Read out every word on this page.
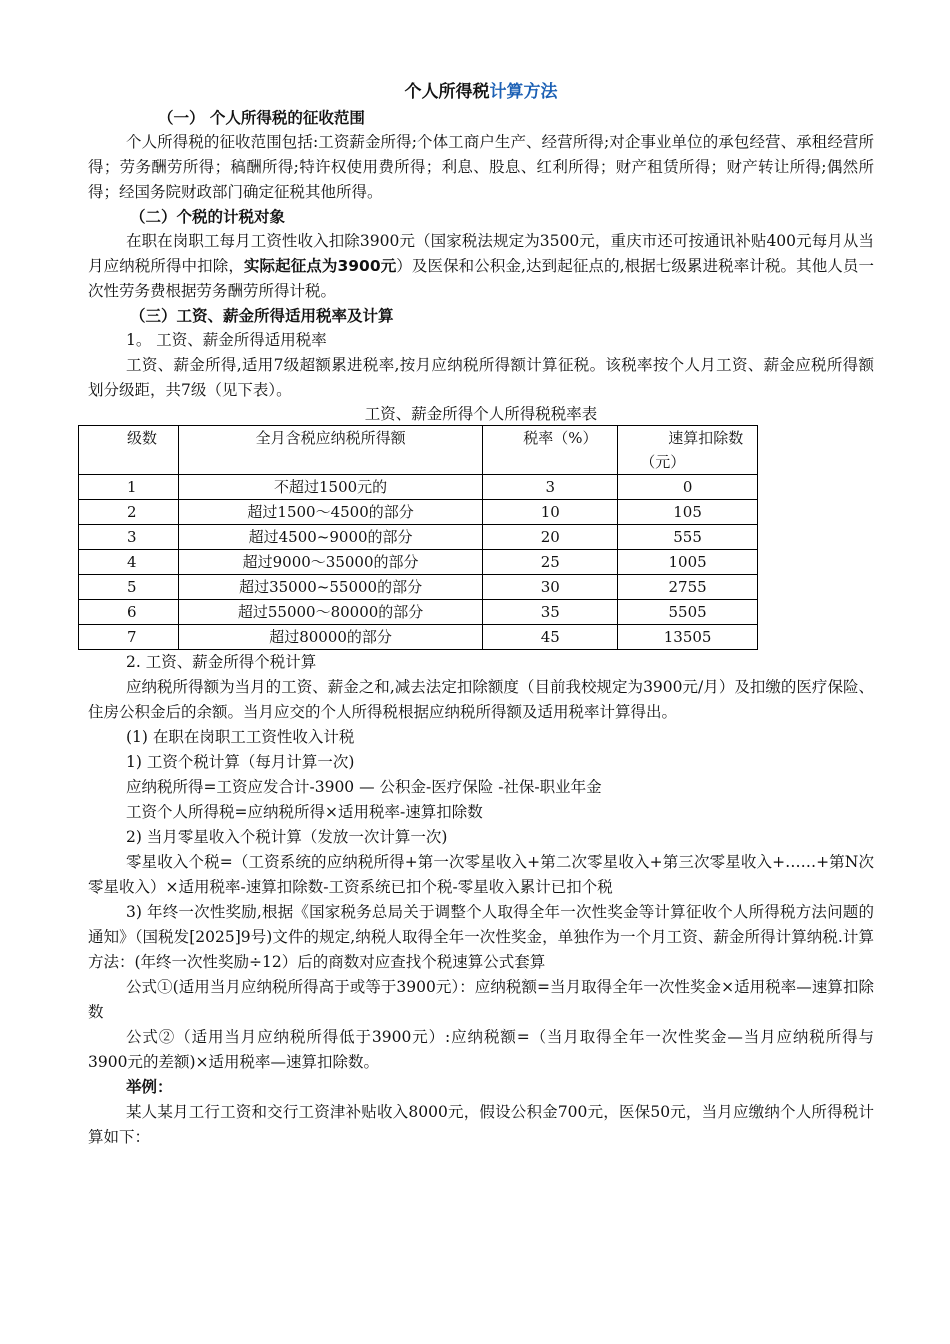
个人所得税计算方法
（一） 个人所得税的征收范围

个人所得税的征收范围包括:工资薪金所得;个体工商户生产、经营所得;对企事业单位的承包经营、承租经营所得；劳务酬劳所得；稿酬所得;特许权使用费所得；利息、股息、红利所得；财产租赁所得；财产转让所得;偶然所得；经国务院财政部门确定征税其他所得。

（二）个税的计税对象

在职在岗职工每月工资性收入扣除3900元（国家税法规定为3500元，重庆市还可按通讯补贴400元每月从当月应纳税所得中扣除，实际起征点为3900元）及医保和公积金,达到起征点的,根据七级累进税率计税。其他人员一次性劳务费根据劳务酬劳所得计税。

（三）工资、薪金所得适用税率及计算

1。 工资、薪金所得适用税率

工资、薪金所得,适用7级超额累进税率,按月应纳税所得额计算征税。该税率按个人月工资、薪金应税所得额划分级距，共7级（见下表）。

工资、薪金所得个人所得税税率表

级数	全月含税应纳税所得额	税率（%）	速算扣除数（元）
1	不超过1500元的	3	0
2	超过1500～4500的部分	10	105
3	超过4500~9000的部分	20	555
4	超过9000～35000的部分	25	1005
5	超过35000~55000的部分	30	2755
6	超过55000～80000的部分	35	5505
7	超过80000的部分	45	13505

2. 工资、薪金所得个税计算

应纳税所得额为当月的工资、薪金之和,减去法定扣除额度（目前我校规定为3900元/月）及扣缴的医疗保险、住房公积金后的余额。当月应交的个人所得税根据应纳税所得额及适用税率计算得出。

(1) 在职在岗职工工资性收入计税

1) 工资个税计算（每月计算一次)

应纳税所得=工资应发合计-3900 — 公积金-医疗保险 -社保-职业年金

工资个人所得税=应纳税所得×适用税率-速算扣除数

2) 当月零星收入个税计算（发放一次计算一次)

零星收入个税=（工资系统的应纳税所得+第一次零星收入+第二次零星收入+第三次零星收入+……+第N次零星收入）×适用税率-速算扣除数-工资系统已扣个税-零星收入累计已扣个税

3) 年终一次性奖励,根据《国家税务总局关于调整个人取得全年一次性奖金等计算征收个人所得税方法问题的通知》（国税发[2025]9号)文件的规定,纳税人取得全年一次性奖金，单独作为一个月工资、薪金所得计算纳税.计算方法：(年终一次性奖励÷12）后的商数对应查找个税速算公式套算

公式①(适用当月应纳税所得高于或等于3900元）：应纳税额=当月取得全年一次性奖金×适用税率—速算扣除数

公式②（适用当月应纳税所得低于3900元）:应纳税额=（当月取得全年一次性奖金—当月应纳税所得与3900元的差额)×适用税率—速算扣除数。

举例：

某人某月工行工资和交行工资津补贴收入8000元，假设公积金700元，医保50元，当月应缴纳个人所得税计算如下：
